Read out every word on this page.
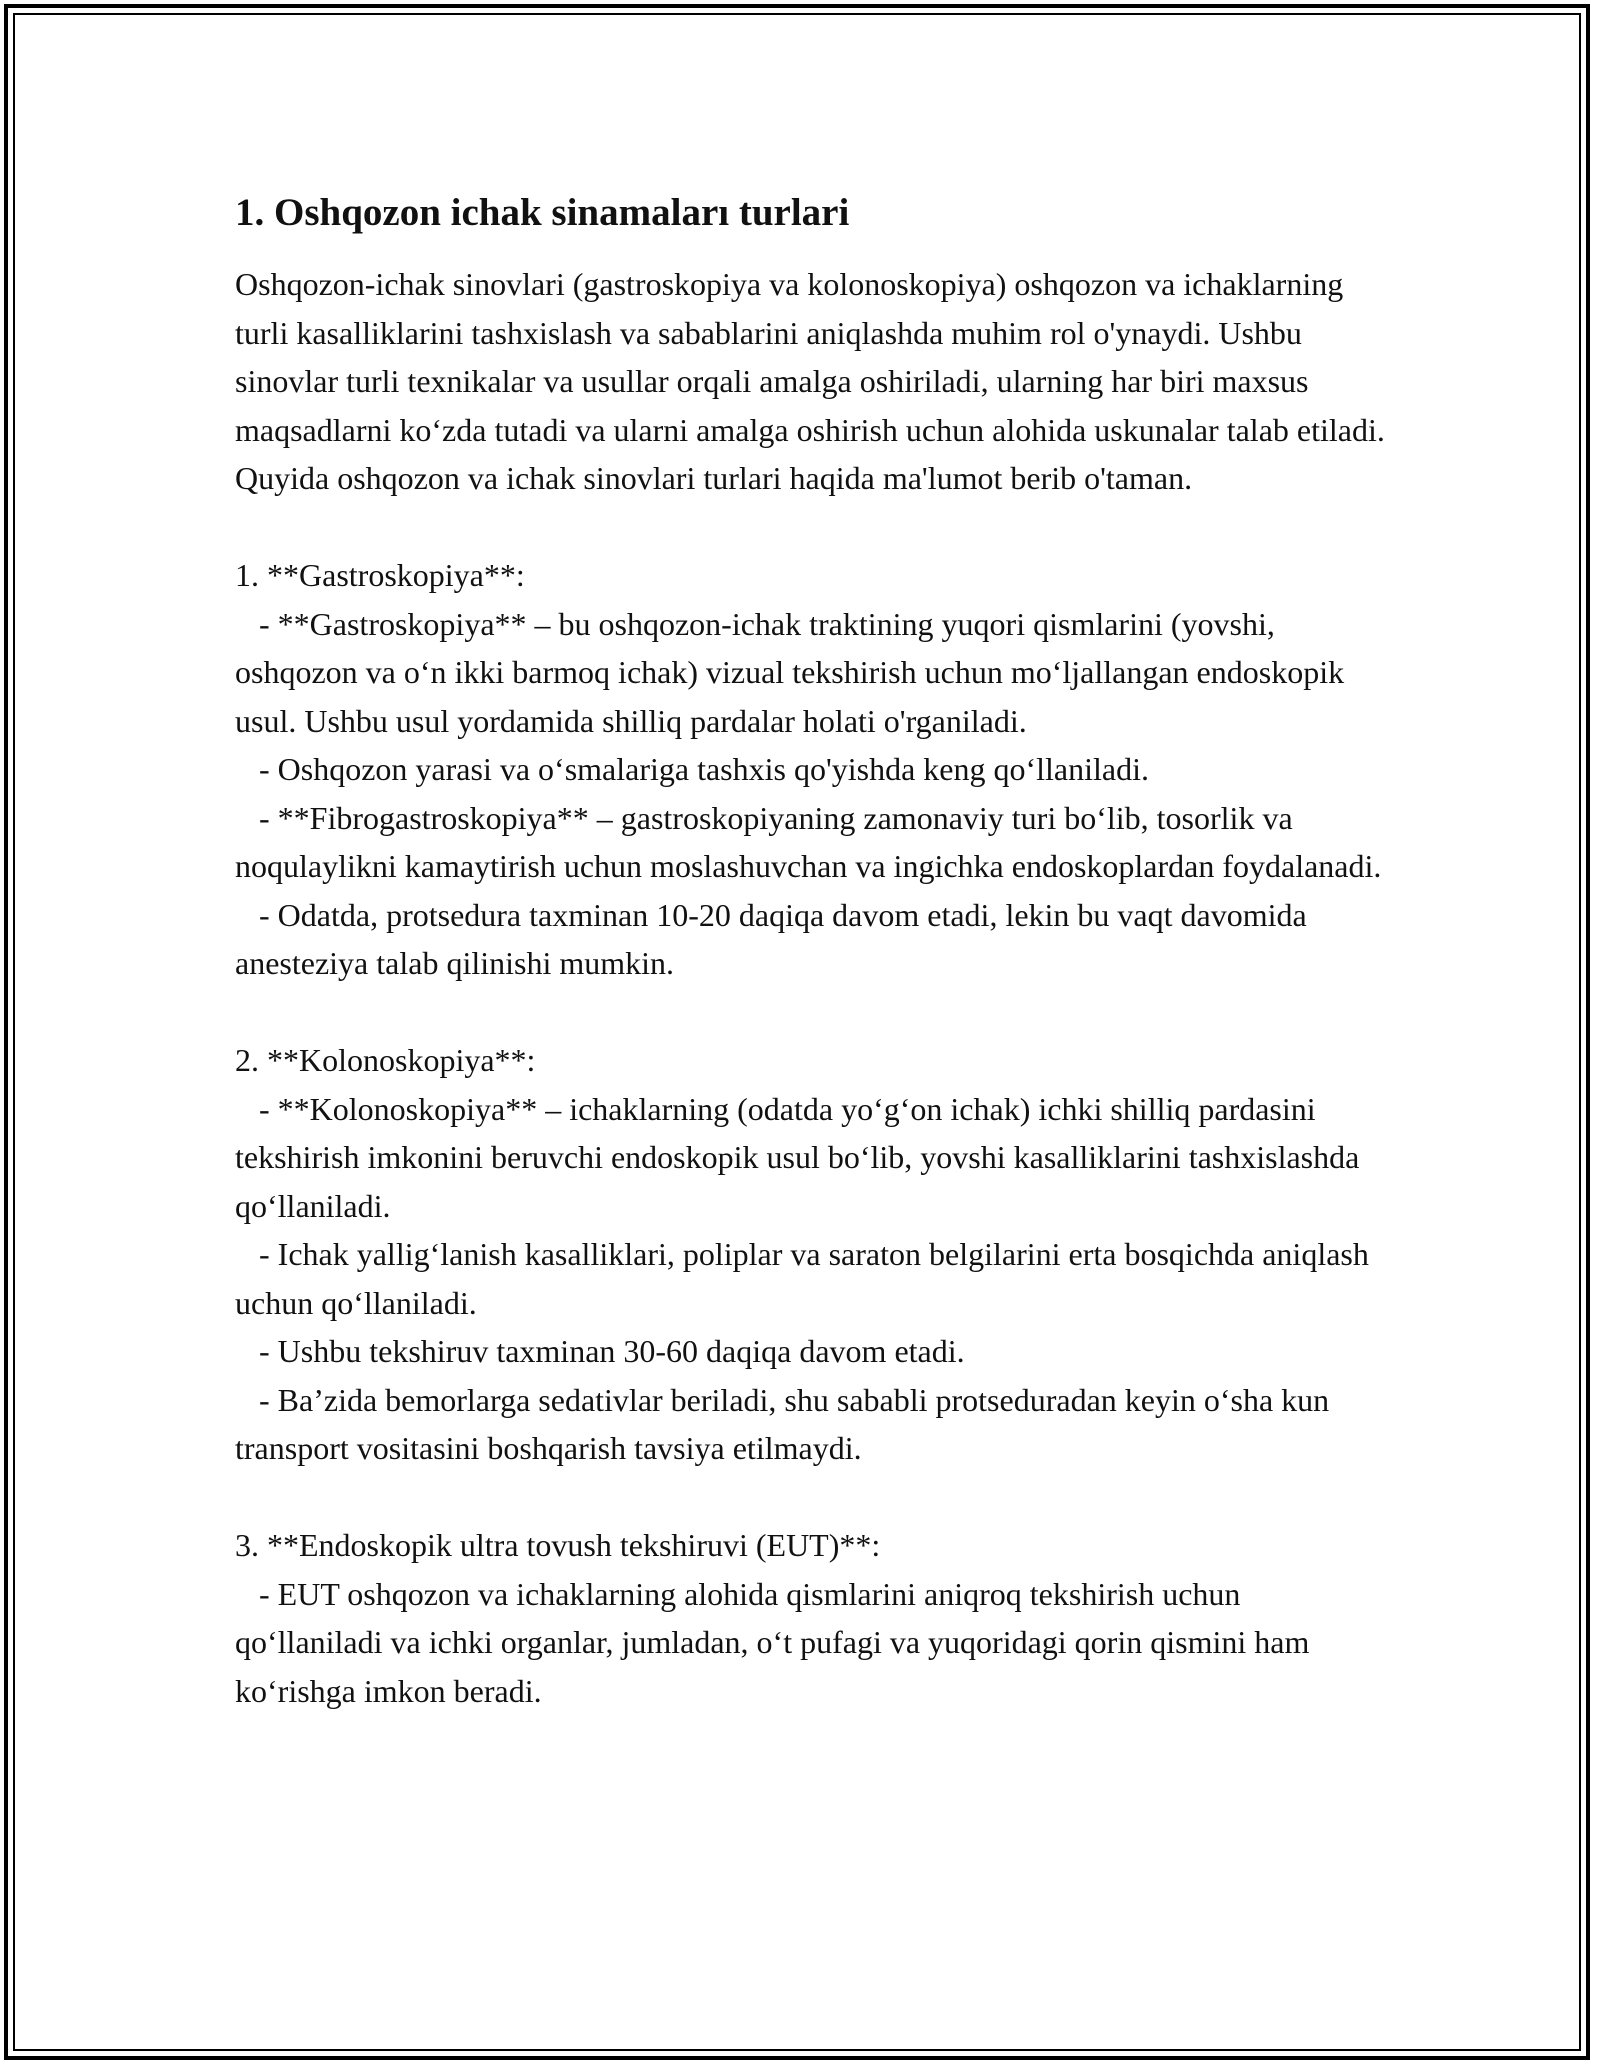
1. Oshqozon ichak sinamaları turlari

Oshqozon-ichak sinovlari (gastroskopiya va kolonoskopiya) oshqozon va ichaklarning turli kasalliklarini tashxislash va sabablarini aniqlashda muhim rol o'ynaydi. Ushbu sinovlar turli texnikalar va usullar orqali amalga oshiriladi, ularning har biri maxsus maqsadlarni koʻzda tutadi va ularni amalga oshirish uchun alohida uskunalar talab etiladi. Quyida oshqozon va ichak sinovlari turlari haqida ma'lumot berib o'taman.

1. **Gastroskopiya**:

- **Gastroskopiya** – bu oshqozon-ichak traktining yuqori qismlarini (yovshi, oshqozon va oʻn ikki barmoq ichak) vizual tekshirish uchun moʻljallangan endoskopik usul. Ushbu usul yordamida shilliq pardalar holati o'rganiladi.

- Oshqozon yarasi va oʻsmalariga tashxis qo'yishda keng qoʻllaniladi.

- **Fibrogastroskopiya** – gastroskopiyaning zamonaviy turi boʻlib, tosorlik va noqulaylikni kamaytirish uchun moslashuvchan va ingichka endoskoplardan foydalanadi.

- Odatda, protsedura taxminan 10-20 daqiqa davom etadi, lekin bu vaqt davomida anesteziya talab qilinishi mumkin.

2. **Kolonoskopiya**:

- **Kolonoskopiya** – ichaklarning (odatda yoʻgʻon ichak) ichki shilliq pardasini tekshirish imkonini beruvchi endoskopik usul boʻlib, yovshi kasalliklarini tashxislashda qoʻllaniladi.

- Ichak yalligʻlanish kasalliklari, poliplar va saraton belgilarini erta bosqichda aniqlash uchun qoʻllaniladi.

- Ushbu tekshiruv taxminan 30-60 daqiqa davom etadi.

- Baʼzida bemorlarga sedativlar beriladi, shu sababli protseduradan keyin oʻsha kun transport vositasini boshqarish tavsiya etilmaydi.

3. **Endoskopik ultra tovush tekshiruvi (EUT)**:

- EUT oshqozon va ichaklarning alohida qismlarini aniqroq tekshirish uchun qoʻllaniladi va ichki organlar, jumladan, oʻt pufagi va yuqoridagi qorin qismini ham koʻrishga imkon beradi.
